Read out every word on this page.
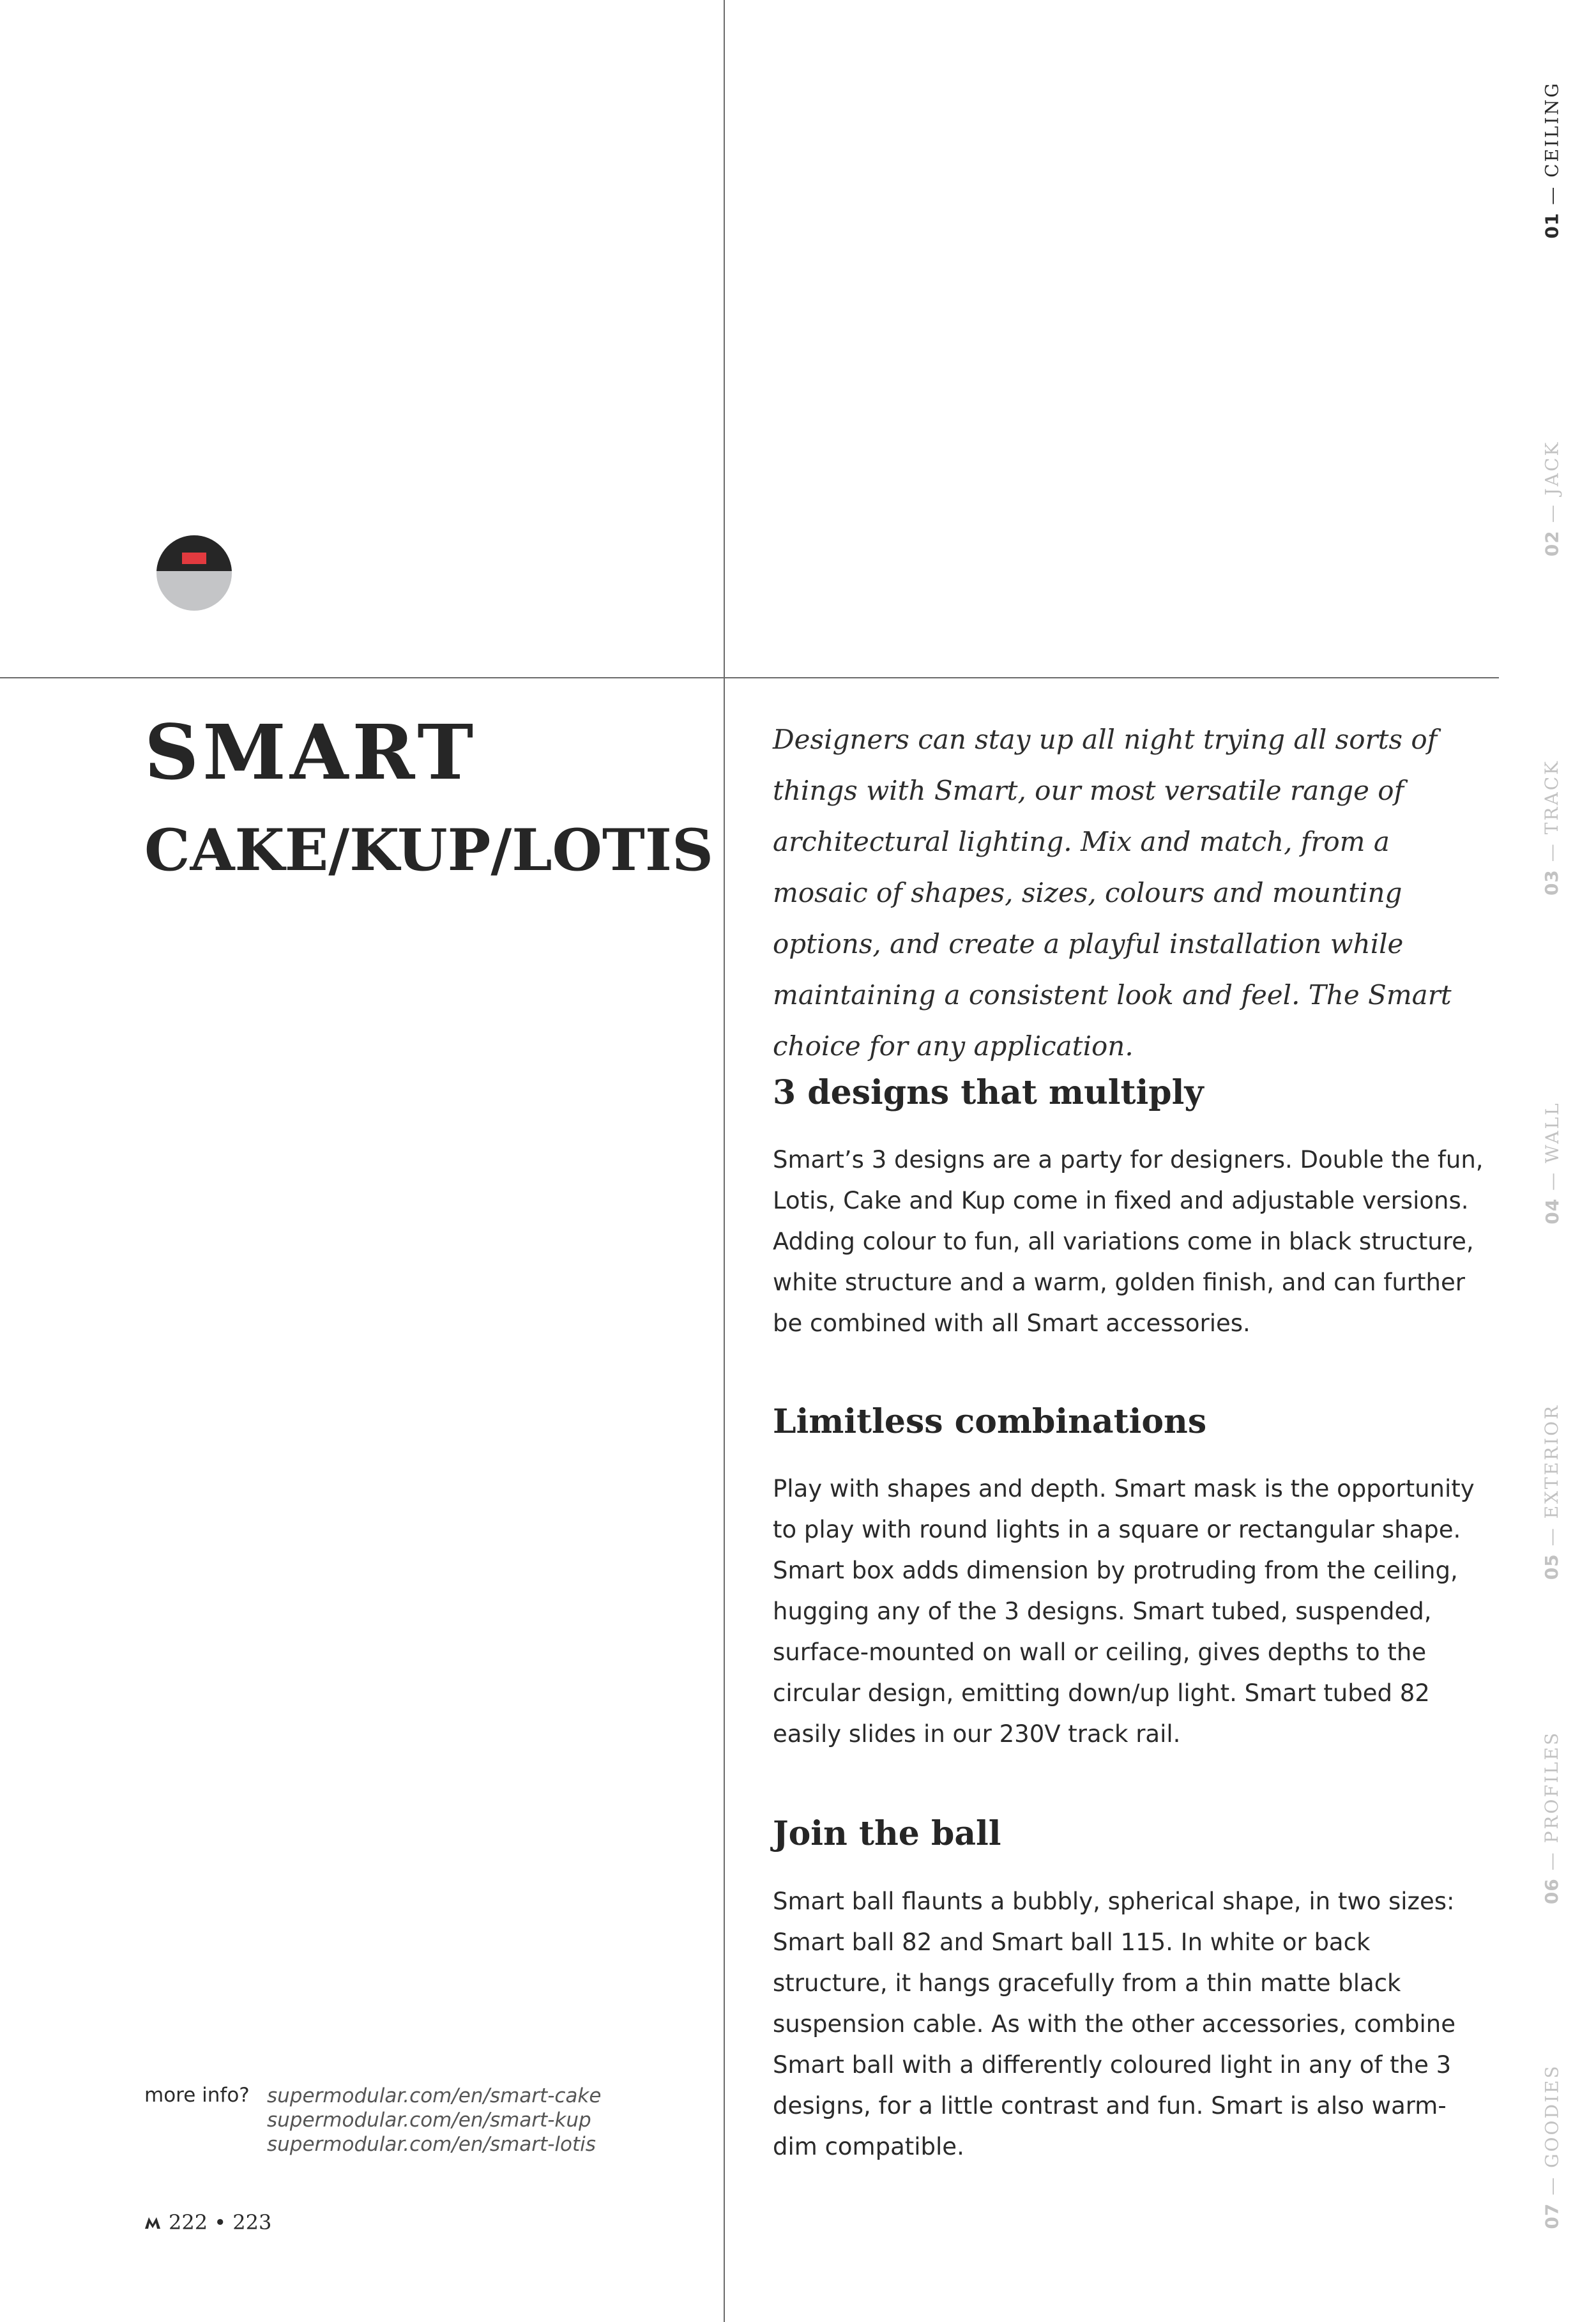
SMART
CAKE/KUP/LOTIS

Designers can stay up all night trying all sorts of things with Smart, our most versatile range of architectural lighting. Mix and match, from a mosaic of shapes, sizes, colours and mounting options, and create a playful installation while maintaining a consistent look and feel. The Smart choice for any application.

3 designs that multiply

Smart’s 3 designs are a party for designers. Double the fun, Lotis, Cake and Kup come in fixed and adjustable versions. Adding colour to fun, all variations come in black structure, white structure and a warm, golden finish, and can further be combined with all Smart accessories.

Limitless combinations

Play with shapes and depth. Smart mask is the opportunity to play with round lights in a square or rectangular shape. Smart box adds dimension by protruding from the ceiling, hugging any of the 3 designs. Smart tubed, suspended, surface-mounted on wall or ceiling, gives depths to the circular design, emitting down/up light. Smart tubed 82 easily slides in our 230V track rail.

Join the ball

Smart ball flaunts a bubbly, spherical shape, in two sizes: Smart ball 82 and Smart ball 115. In white or back structure, it hangs gracefully from a thin matte black suspension cable. As with the other accessories, combine Smart ball with a differently coloured light in any of the 3 designs, for a little contrast and fun. Smart is also warm-dim compatible.

more info? supermodular.com/en/smart-cake
supermodular.com/en/smart-kup
supermodular.com/en/smart-lotis
222 • 223
01 — CEILING
02 — JACK
03 — TRACK
04 — WALL
05 — EXTERIOR
06 — PROFILES
07 — GOODIES
